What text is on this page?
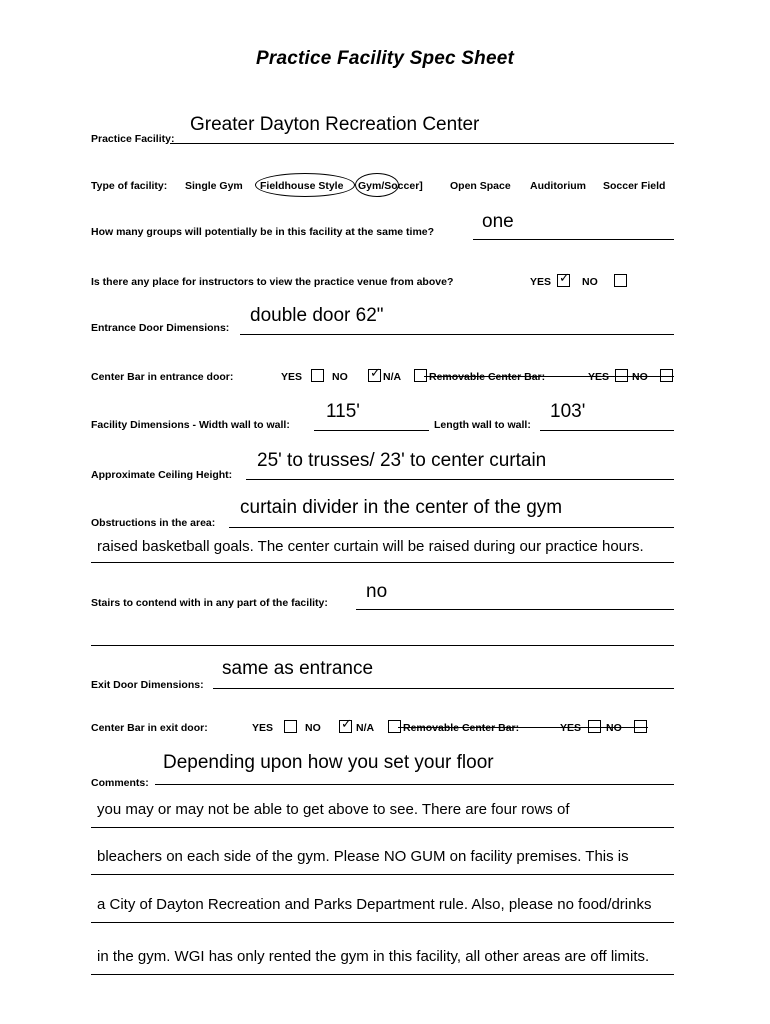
Practice Facility Spec Sheet
Practice Facility:
Greater Dayton Recreation Center
Type of facility: Single Gym Fieldhouse Style Gym/Soccer]	Open Space Auditorium Soccer Field
How many groups will potentially be in this facility at the same time?	one
Is there any place for instructors to view the practice venue from above?	YES ✓ NO
Entrance Door Dimensions:
double door 62"
Center Bar in entrance door:	YES	NO ✓ N/A	Removable Center Bar:	YES NO
Facility Dimensions - Width wall to wall:
115'
Length wall to wall:
103'
Approximate Ceiling Height:
25' to trusses/ 23' to center curtain
Obstructions in the area:
curtain divider in the center of the gym
raised basketball goals. The center curtain will be raised during our practice hours.
Stairs to contend with in any part of the facility:
no
Exit Door Dimensions:
same as entrance
Center Bar in exit door:	YES	NO ✓ N/A	Removable Center Bar:	YES NO
Comments:
Depending upon how you set your floor
you may or may not be able to get above to see. There are four rows of
bleachers on each side of the gym. Please NO GUM on facility premises. This is
a City of Dayton Recreation and Parks Department rule. Also, please no food/drinks
in the gym. WGI has only rented the gym in this facility, all other areas are off limits.
